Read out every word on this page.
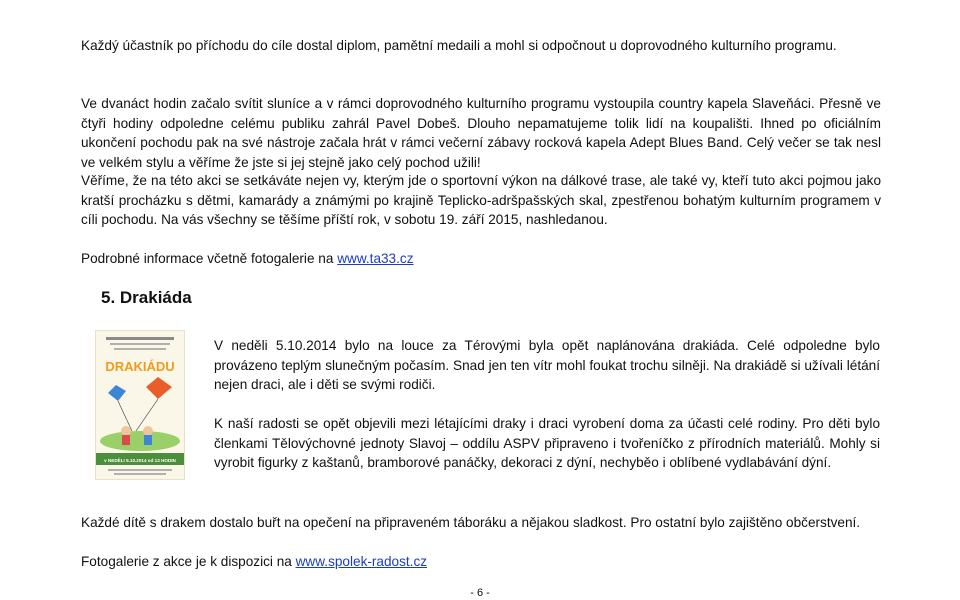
Každý účastník po příchodu do cíle dostal diplom, pamětní medaili a mohl si odpočnout u doprovodného kulturního programu.

Ve dvanáct hodin začalo svítit sluníce a v rámci doprovodného kulturního programu vystoupila country kapela Slaveňáci. Přesně ve čtyři hodiny odpoledne celému publiku zahrál Pavel Dobeš. Dlouho nepamatujeme tolik lidí na koupališti. Ihned po oficiálním ukončení pochodu pak na své nástroje začala hrát v rámci večerní zábavy rocková kapela Adept Blues Band. Celý večer se tak nesl ve velkém stylu a věříme že jste si jej stejně jako celý pochod užili!

Věříme, že na této akci se setkáváte nejen vy, kterým jde o sportovní výkon na dálkové trase, ale také vy, kteří tuto akci pojmou jako kratší procházku s dětmi, kamarády a známými po krajině Teplicko-adršpašských skal, zpestřenou bohatým kulturním programem v cíli pochodu. Na vás všechny se těšíme příští rok, v sobotu 19. září 2015, nashledanou.

Podrobné informace včetně fotogalerie na www.ta33.cz

5. Drakiáda
DRAKIÁDU
v NEDĚLI 5.10.2014 od 13 HODIN

V neděli 5.10.2014 bylo na louce za Térovými byla opět naplánována drakiáda. Celé odpoledne bylo provázeno teplým slunečným počasím. Snad jen ten vítr mohl foukat trochu silněji. Na drakiádě si užívali létání nejen draci, ale i děti se svými rodiči.

K naší radosti se opět objevili mezi létajícími draky i draci vyrobení doma za účasti celé rodiny. Pro děti bylo členkami Tělovýchovné jednoty Slavoj – oddílu ASPV připraveno i tvořeníčko z přírodních materiálů. Mohly si vyrobit figurky z kaštanů, bramborové panáčky, dekoraci z dýní, nechyběo i oblíbené vydlabávání dýní.

Každé dítě s drakem dostalo buřt na opečení na připraveném táboráku a nějakou sladkost. Pro ostatní bylo zajištěno občerstvení.

Fotogalerie z akce je k dispozici na www.spolek-radost.cz

- 6 -
